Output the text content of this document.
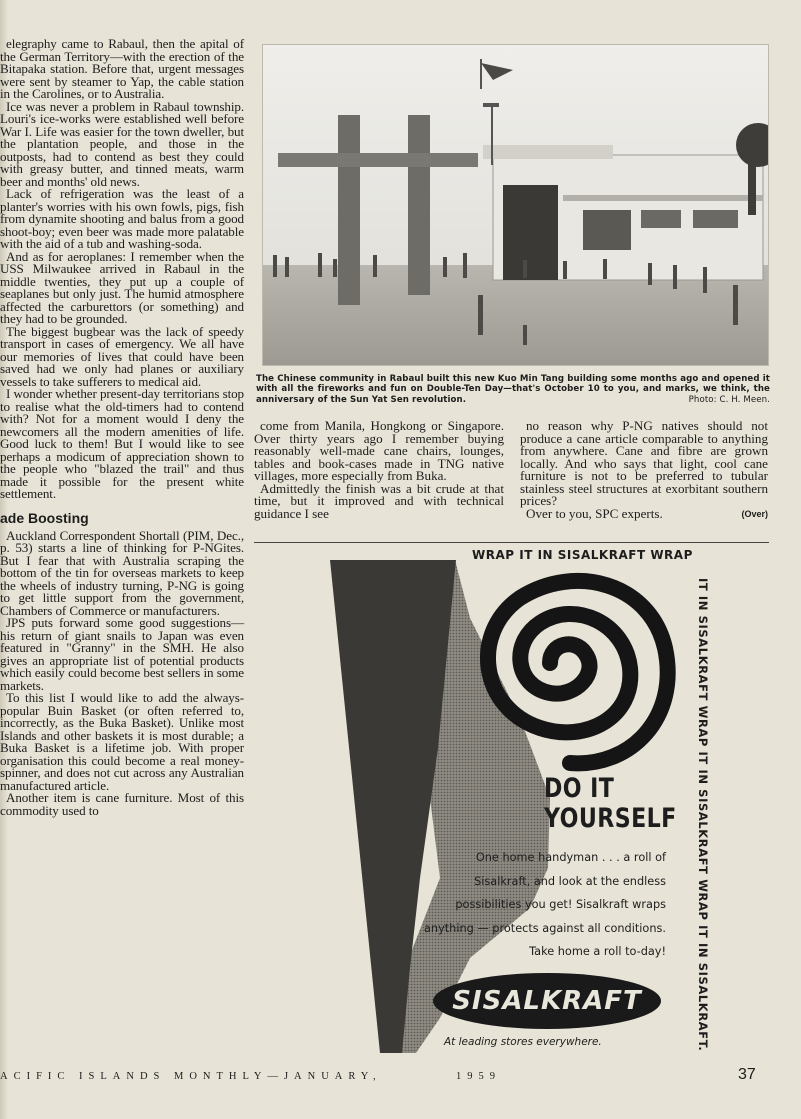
elegraphy came to Rabaul, then the apital of the German Territory—with the erection of the Bitapaka station. Before that, urgent messages were sent by steamer to Yap, the cable station in the Carolines, or to Australia.

Ice was never a problem in Rabaul township. Louri's ice-works were established well before War I. Life was easier for the town dweller, but the plantation people, and those in the outposts, had to contend as best they could with greasy butter, and tinned meats, warm beer and months' old news.

Lack of refrigeration was the least of a planter's worries with his own fowls, pigs, fish from dynamite shooting and balus from a good shoot-boy; even beer was made more palatable with the aid of a tub and washing-soda.

And as for aeroplanes: I remember when the USS Milwaukee arrived in Rabaul in the middle twenties, they put up a couple of seaplanes but only just. The humid atmosphere affected the carburettors (or something) and they had to be grounded.

The biggest bugbear was the lack of speedy transport in cases of emergency. We all have our memories of lives that could have been saved had we only had planes or auxiliary vessels to take sufferers to medical aid.

I wonder whether present-day territorians stop to realise what the old-timers had to contend with? Not for a moment would I deny the newcomers all the modern amenities of life. Good luck to them! But I would like to see perhaps a modicum of appreciation shown to the people who "blazed the trail" and thus made it possible for the present white settlement.

ade Boosting

Auckland Correspondent Shortall (PIM, Dec., p. 53) starts a line of thinking for P-NGites. But I fear that with Australia scraping the bottom of the tin for overseas markets to keep the wheels of industry turning, P-NG is going to get little support from the government, Chambers of Commerce or manufacturers.

JPS puts forward some good suggestions—his return of giant snails to Japan was even featured in "Granny" in the SMH. He also gives an appropriate list of potential products which easily could become best sellers in some markets.

To this list I would like to add the always-popular Buin Basket (or often referred to, incorrectly, as the Buka Basket). Unlike most Islands and other baskets it is most durable; a Buka Basket is a lifetime job. With proper organisation this could become a real money-spinner, and does not cut across any Australian manufactured article.

Another item is cane furniture. Most of this commodity used to

The Chinese community in Rabaul built this new Kuo Min Tang building some months ago and opened it with all the fireworks and fun on Double-Ten Day—that's October 10 to you, and marks, we think, the anniversary of the Sun Yat Sen revolution.	Photo: C. H. Meen.

come from Manila, Hongkong or Singapore. Over thirty years ago I remember buying reasonably well-made cane chairs, lounges, tables and book-cases made in TNG native villages, more especially from Buka.

Admittedly the finish was a bit crude at that time, but it improved and with technical guidance I see

no reason why P-NG natives should not produce a cane article comparable to anything from anywhere. Cane and fibre are grown locally. And who says that light, cool cane furniture is not to be preferred to tubular stainless steel structures at exorbitant southern prices?

Over to you, SPC experts.	(Over)

WRAP IT IN SISALKRAFT WRAP
IT IN SISALKRAFT WRAP IT IN SISALKRAFT WRAP IT IN SISALKRAFT.
DO IT
YOURSELF
One home handyman . . . a roll of Sisalkraft, and look at the endless possibilities you get! Sisalkraft wraps anything — protects against all conditions. Take home a roll to-day!
SISALKRAFT
At leading stores everywhere.
ACIFIC ISLANDS MONTHLY—JANUARY,	1959	37
